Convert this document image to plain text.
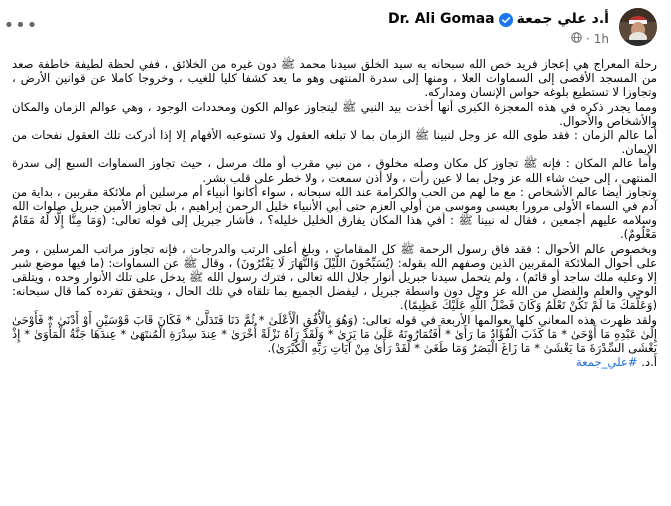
أ.د علي جمعة
Dr. Ali Gomaa
1h
·
•••

رحلة المعراج هي إعجاز فريد خص الله سبحانه به سيد الخلق سيدنا محمد ﷺ دون غيره من الخلائق ، ففي لحظة لطيفة خاطفة صعد من المسجد الأقصى إلى السماوات العلا ، ومنها إلى سدرة المنتهى وهو ما يعد كشفا كليا للغيب ، وخروجا كاملا عن قوانين الأرض ، وتجاوزا لا تستطيع بلوغه حواس الإنسان ومداركه.

ومما يجدر ذكره في هذه المعجزة الكبرى أنها أخذت بيد النبي ﷺ ليتجاوز عوالم الكون ومحددات الوجود ، وهي عوالم الزمان والمكان والأشخاص والأحوال.

أما عالم الزمان : فقد طوى الله عز وجل لنبينا ﷺ الزمان بما لا تبلغه العقول ولا تستوعبه الأفهام إلا إذا أدركت تلك العقول نفحات من الإيمان.

وأما عالم المكان : فإنه ﷺ تجاوز كل مكان وصله مخلوق ، من نبي مقرب أو ملك مرسل ، حيث تجاوز السماوات السبع إلى سدرة المنتهى ، إلى حيث شاء الله عز وجل بما لا عين رأت ، ولا أذن سمعت ، ولا خطر على قلب بشر.

وتجاوز أيضا عالم الأشخاص : مع ما لهم من الحب والكرامة عند الله سبحانه ، سواء أكانوا أنبياء أم مرسلين أم ملائكة مقربين ، بداية من آدم في السماء الأولى مرورا بعيسى وموسى من أولي العزم حتى أبي الأنبياء خليل الرحمن إبراهيم ، بل تجاوز الأمين جبريل صلوات الله وسلامه عليهم أجمعين ، فقال له نبينا ﷺ : أفي هذا المكان يفارق الخليل خليله؟ ، فأشار جبريل إلى قوله تعالى: (وَمَا مِنَّا إِلَّا لَهُ مَقَامٌ مَعْلُومٌ).

وبخصوص عالم الأحوال : فقد فاق رسول الرحمة ﷺ كل المقامات ، وبلغ أعلى الرتب والدرجات ، فإنه تجاوز مراتب المرسلين ، ومر على أحوال الملائكة المقربين الذين وصفهم الله بقوله: (يُسَبِّحُونَ اللَّيْلَ وَالنَّهَارَ لَا يَفْتُرُونَ) ، وقال ﷺ عن السماوات: (ما فيها موضع شبر إلا وعليه ملك ساجد أو قائم) ، ولم يتحمل سيدنا جبريل أنوار جلال الله تعالى ، فترك رسول الله ﷺ يدخل على تلك الأنوار وحده ، ويتلقى الوحي والعلم والفضل من الله عز وجل دون واسطة جبريل ، ليفضل الجميع بما تلقاه في تلك الحال ، ويتحقق تفرده كما قال سبحانه: (وَعَلَّمَكَ مَا لَمْ تَكُنْ تَعْلَمُ وَكَانَ فَضْلُ اللَّهِ عَلَيْكَ عَظِيمًا).

ولقد ظهرت هذه المعاني كلها بعوالمها الأربعة في قوله تعالى: (وَهُوَ بِالْأُفُقِ الْأَعْلَىٰ * ثُمَّ دَنَا فَتَدَلَّىٰ * فَكَانَ قَابَ قَوْسَيْنِ أَوْ أَدْنَىٰ * فَأَوْحَىٰ إِلَىٰ عَبْدِهِ مَا أَوْحَىٰ * مَا كَذَبَ الْفُؤَادُ مَا رَأَىٰ * أَفَتُمَارُونَهُ عَلَىٰ مَا يَرَىٰ * وَلَقَدْ رَآهُ نَزْلَةً أُخْرَىٰ * عِندَ سِدْرَةِ الْمُنتَهَىٰ * عِندَهَا جَنَّةُ الْمَأْوَىٰ * إِذْ يَغْشَى السِّدْرَةَ مَا يَغْشَىٰ * مَا زَاغَ الْبَصَرُ وَمَا طَغَىٰ * لَقَدْ رَأَىٰ مِنْ آيَاتِ رَبِّهِ الْكُبْرَىٰ).

أ.د. #علي_جمعة
